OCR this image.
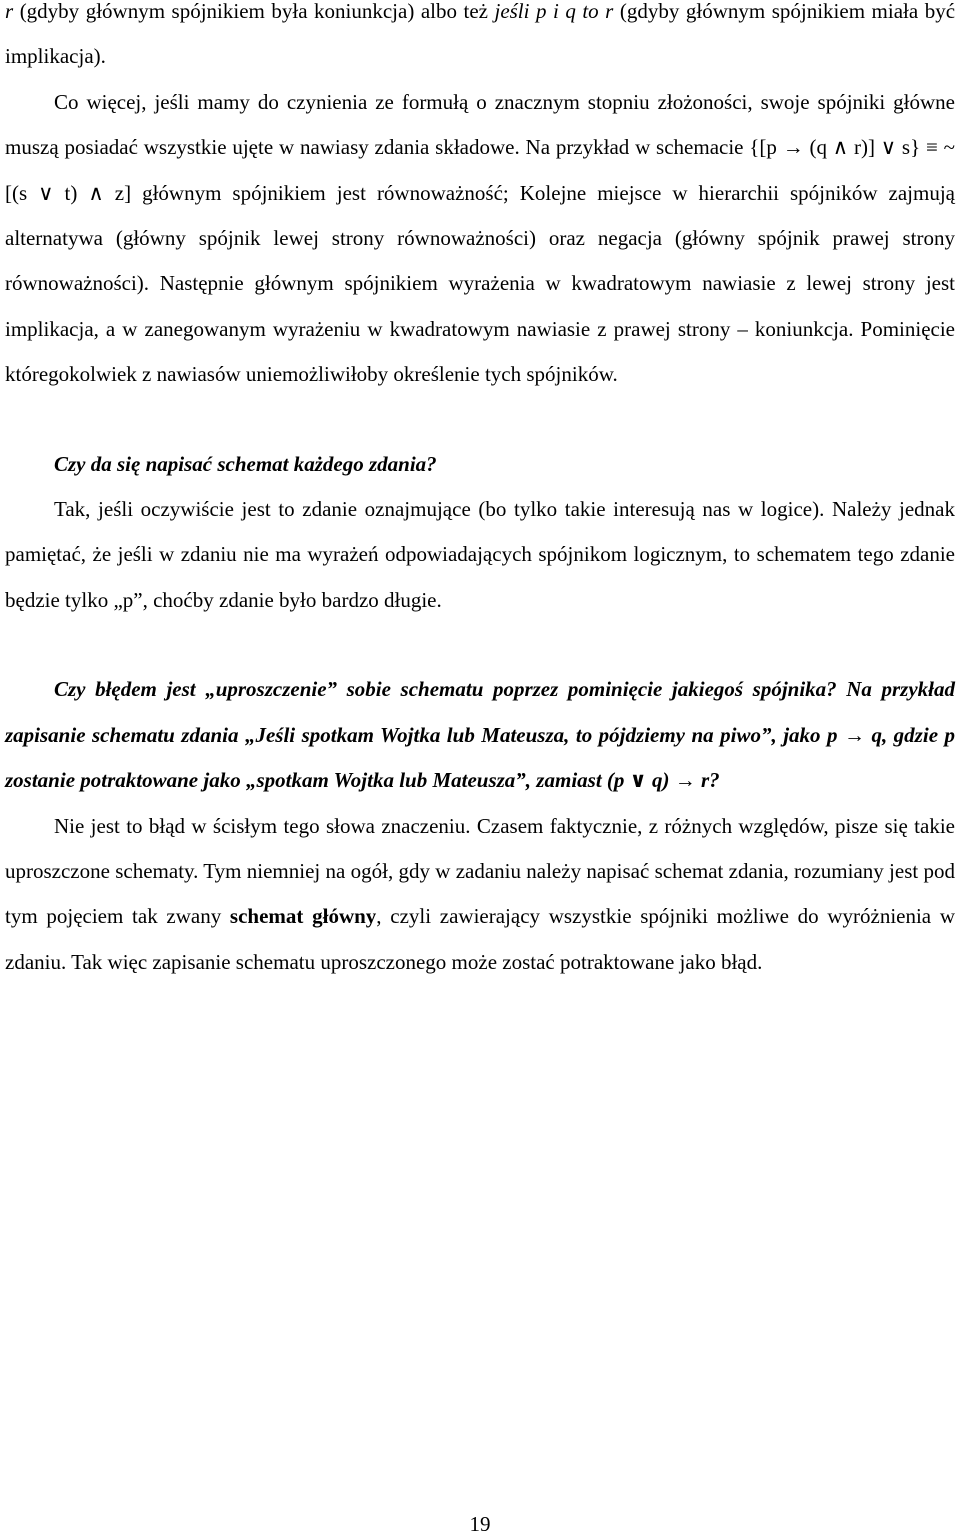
r (gdyby głównym spójnikiem była koniunkcja) albo też jeśli p i q to r (gdyby głównym spójnikiem miała być implikacja).

Co więcej, jeśli mamy do czynienia ze formułą o znacznym stopniu złożoności, swoje spójniki główne muszą posiadać wszystkie ujęte w nawiasy zdania składowe. Na przykład w schemacie {[p → (q ∧ r)] ∨ s} ≡ ~ [(s ∨ t) ∧ z] głównym spójnikiem jest równoważność; Kolejne miejsce w hierarchii spójników zajmują alternatywa (główny spójnik lewej strony równoważności) oraz negacja (główny spójnik prawej strony równoważności). Następnie głównym spójnikiem wyrażenia w kwadratowym nawiasie z lewej strony jest implikacja, a w zanegowanym wyrażeniu w kwadratowym nawiasie z prawej strony – koniunkcja. Pominięcie któregokolwiek z nawiasów uniemożliwiłoby określenie tych spójników.

Czy da się napisać schemat każdego zdania?

Tak, jeśli oczywiście jest to zdanie oznajmujące (bo tylko takie interesują nas w logice). Należy jednak pamiętać, że jeśli w zdaniu nie ma wyrażeń odpowiadających spójnikom logicznym, to schematem tego zdanie będzie tylko „p”, choćby zdanie było bardzo długie.

Czy błędem jest „uproszczenie” sobie schematu poprzez pominięcie jakiegoś spójnika? Na przykład zapisanie schematu zdania „Jeśli spotkam Wojtka lub Mateusza, to pójdziemy na piwo”, jako p → q, gdzie p zostanie potraktowane jako „spotkam Wojtka lub Mateusza”, zamiast (p ∨ q) → r?

Nie jest to błąd w ścisłym tego słowa znaczeniu. Czasem faktycznie, z różnych względów, pisze się takie uproszczone schematy. Tym niemniej na ogół, gdy w zadaniu należy napisać schemat zdania, rozumiany jest pod tym pojęciem tak zwany schemat główny, czyli zawierający wszystkie spójniki możliwe do wyróżnienia w zdaniu. Tak więc zapisanie schematu uproszczonego może zostać potraktowane jako błąd.

19
